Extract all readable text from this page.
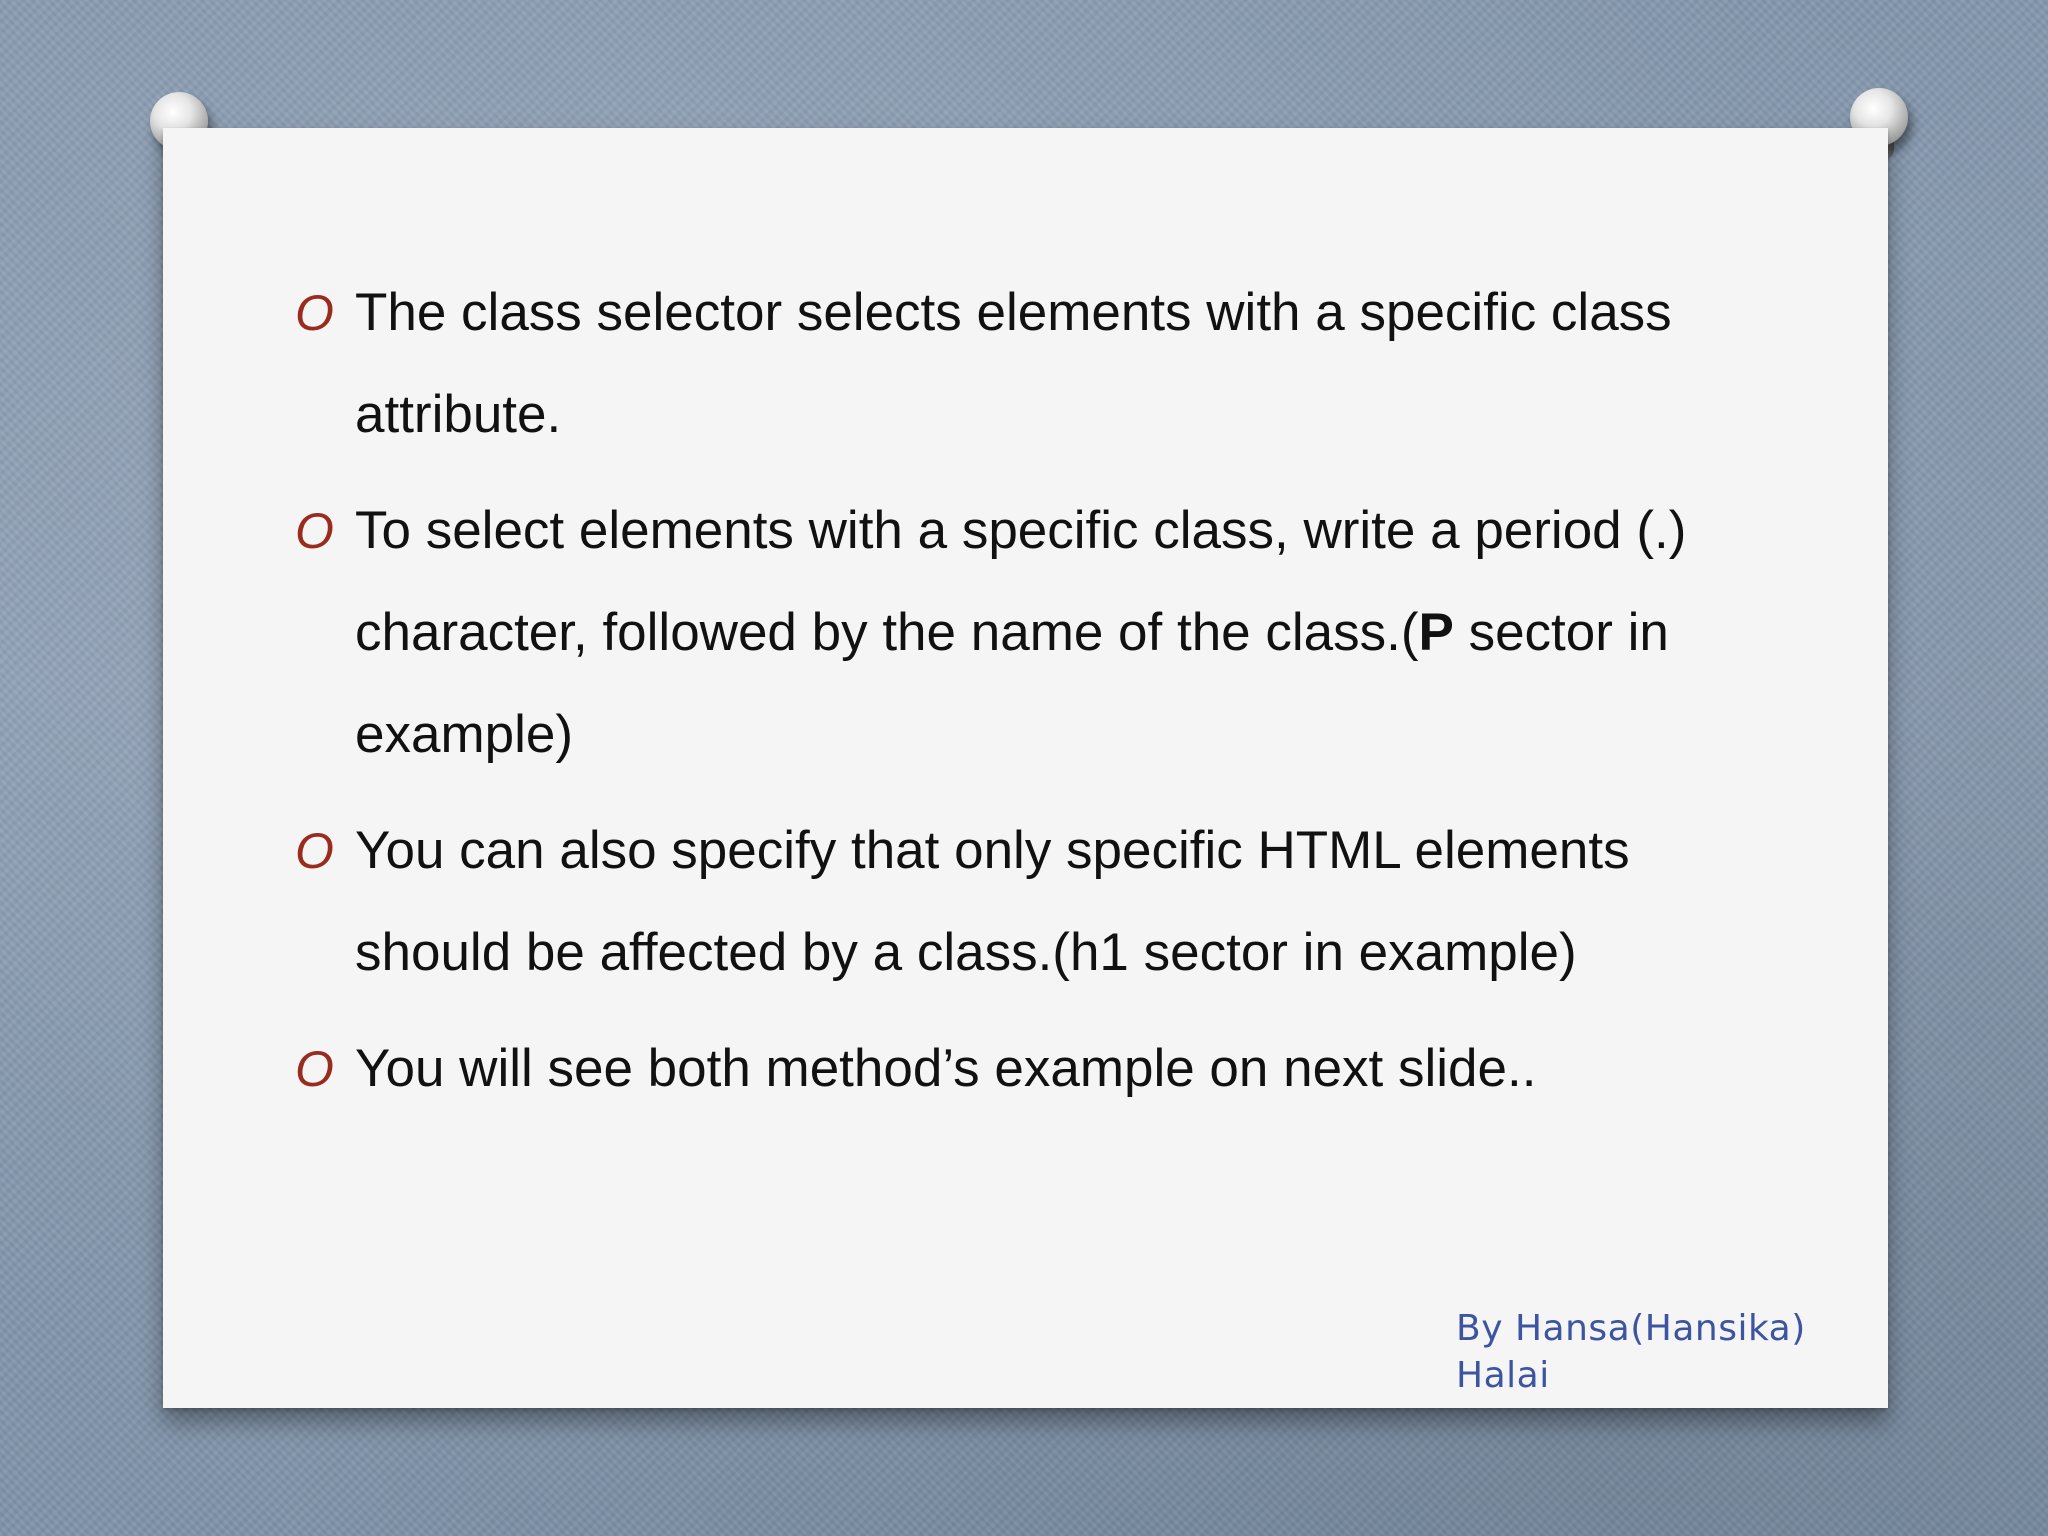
O The class selector selects elements with a specific class attribute.
O To select elements with a specific class, write a period (.) character, followed by the name of the class.(P sector in example)
O You can also specify that only specific HTML elements should be affected by a class.(h1 sector in example)
O You will see both method’s example on next slide..
By Hansa(Hansika)
Halai
